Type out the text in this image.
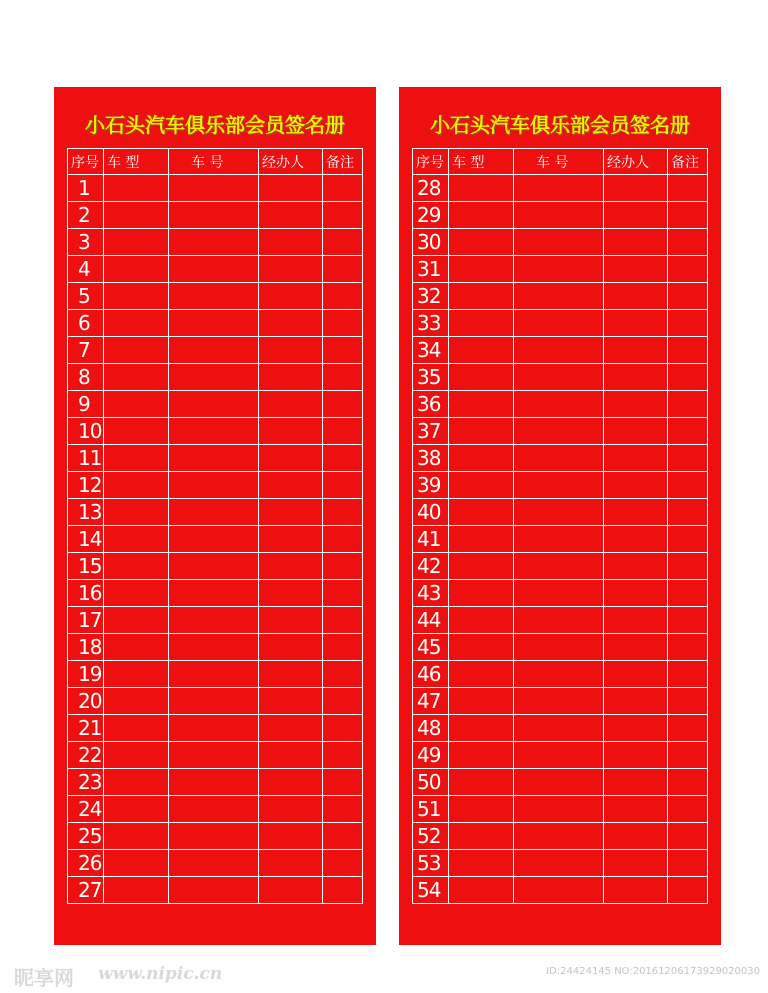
小石头汽车俱乐部会员签名册
序号	车 型	车 号	经办人	备注
1				
2				
3				
4				
5				
6				
7				
8				
9				
10				
11				
12				
13				
14				
15				
16				
17				
18				
19				
20				
21				
22				
23				
24				
25				
26				
27				
小石头汽车俱乐部会员签名册
序号	车 型	车 号	经办人	备注
28				
29				
30				
31				
32				
33				
34				
35				
36				
37				
38				
39				
40				
41				
42				
43				
44				
45				
46				
47				
48				
49				
50				
51				
52				
53				
54				
昵享网 www.nipic.cn	ID:24424145 NO:20161206173929020030
